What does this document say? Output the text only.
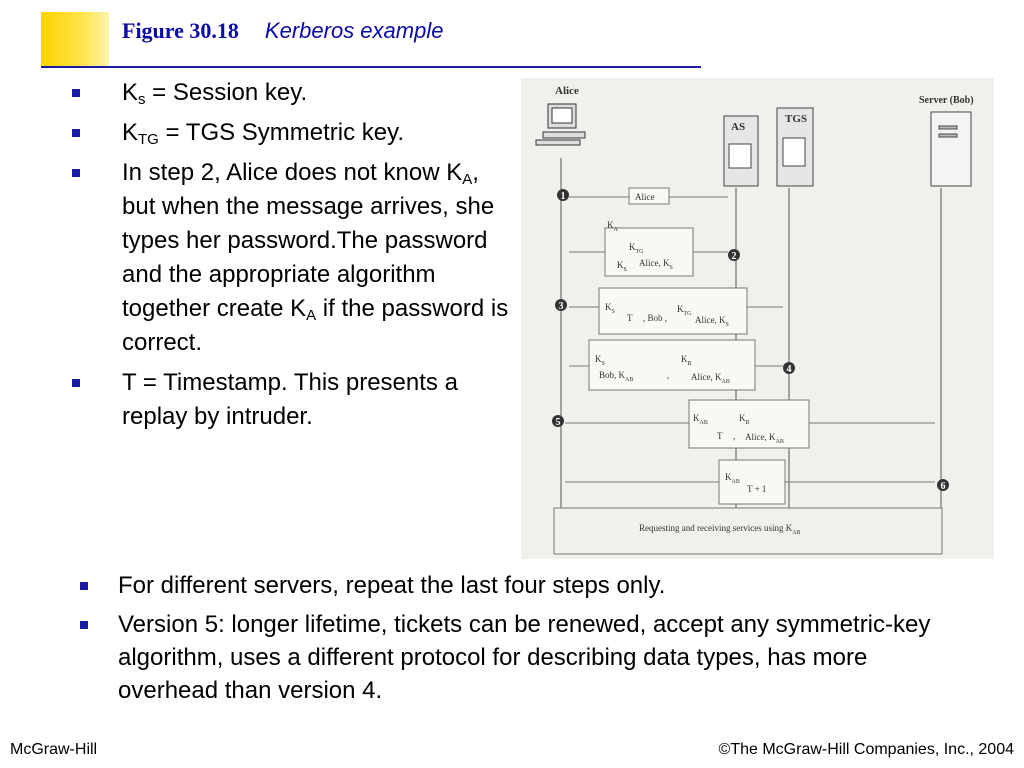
Figure 30.18 Kerberos example
$K_s$ = Session key.
$K_{TG}$ = TGS Symmetric key.
In step 2, Alice does not know $K_A$, but when the message arrives, she types her password.The password and the appropriate algorithm together create $K_A$ if the password is correct.
T = Timestamp. This presents a replay by intruder.
Alice
AS
TGS
Server (Bob)
1
2
3
4
5
6
Alice
$K_A$
$K_{TG}$
$K_S$
Alice, $K_S$
$K_S$
T , Bob ,
$K_{TG}$
Alice, $K_S$
$K_S$
Bob, $K_{AB}$	,
$K_B$
Alice, $K_{AB}$
$K_{AB}$
T ,
$K_B$
Alice, $K_{AB}$
$K_{AB}$
T + 1
Requesting and receiving services using $K_{AB}$
For different servers, repeat the last four steps only.
Version 5: longer lifetime, tickets can be renewed, accept any symmetric-key algorithm, uses a different protocol for describing data types, has more overhead than version 4.
McGraw-Hill	©The McGraw-Hill Companies, Inc., 2004
